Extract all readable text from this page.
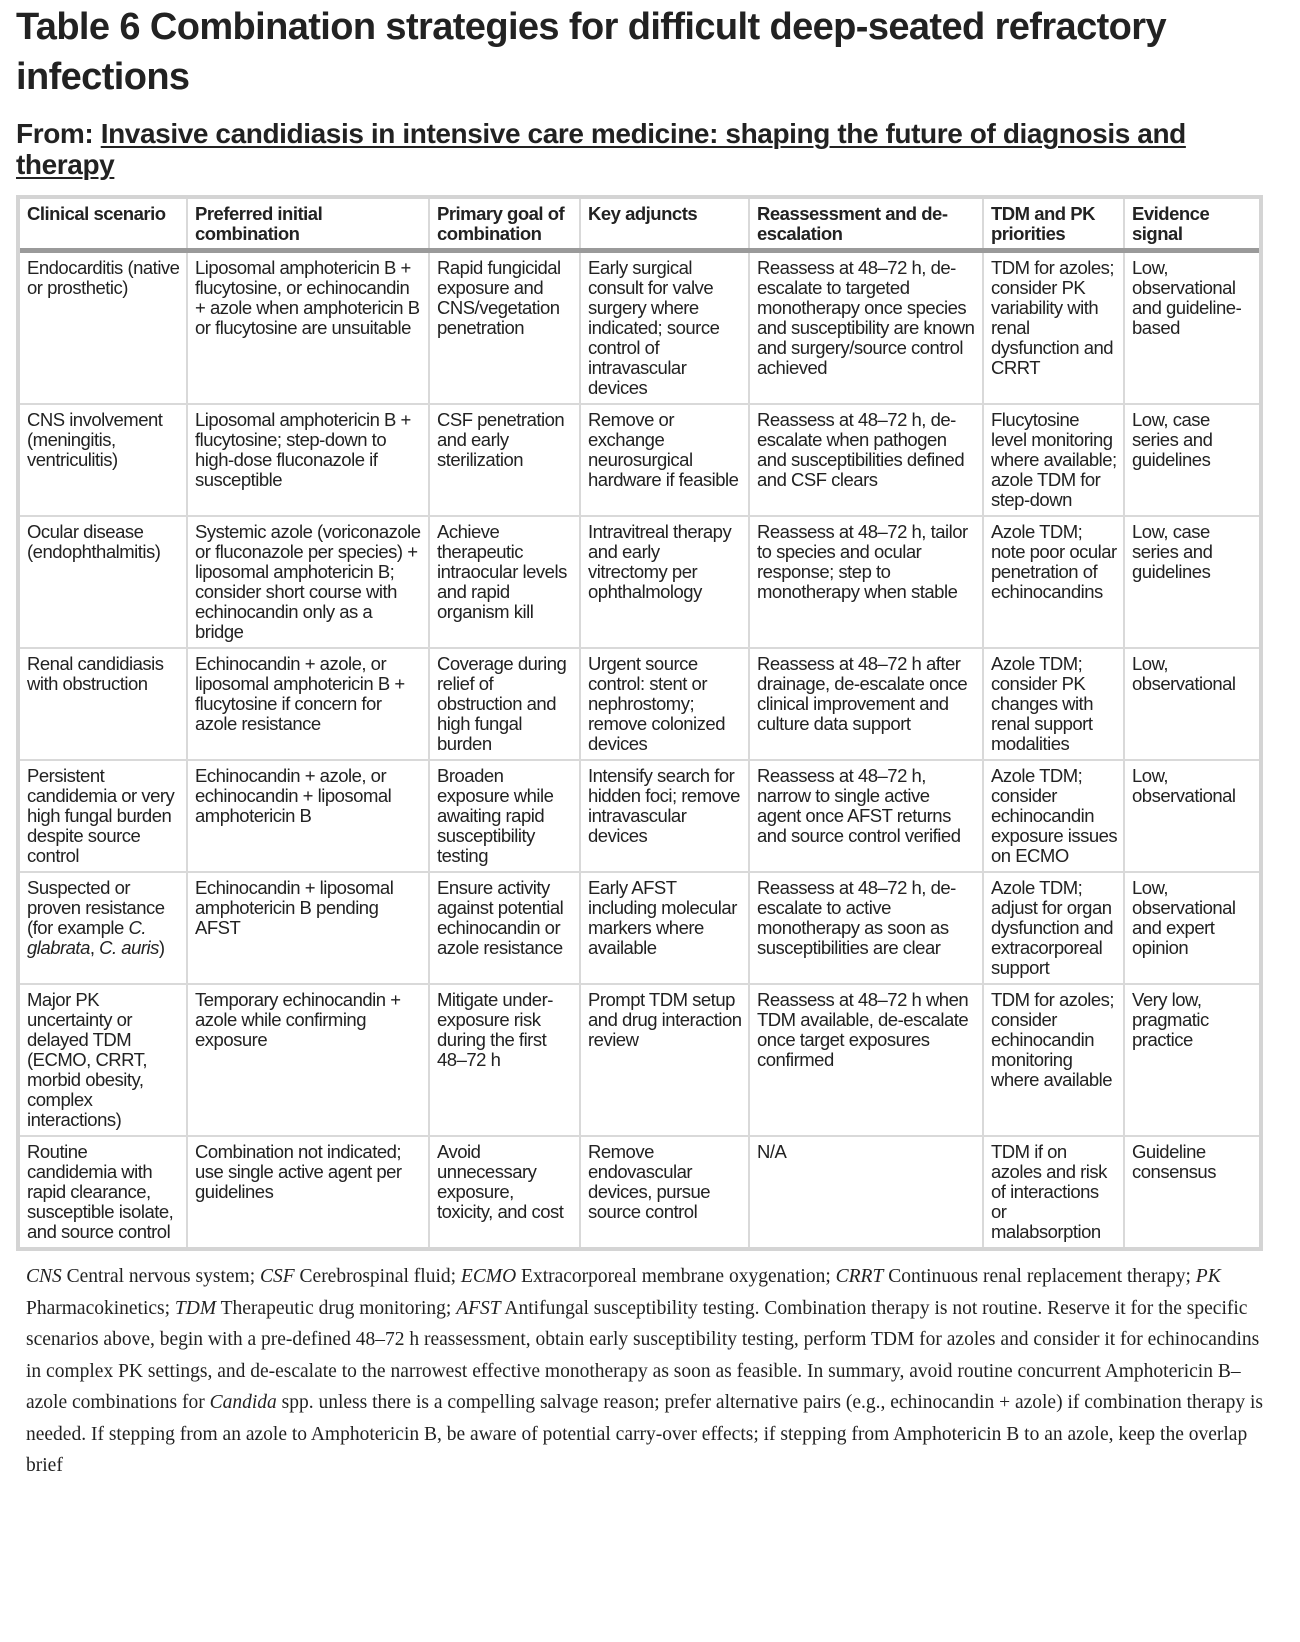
Table 6 Combination strategies for difficult deep-seated refractory infections
From: Invasive candidiasis in intensive care medicine: shaping the future of diagnosis and therapy
Clinical scenario	Preferred initial combination	Primary goal of combination	Key adjuncts	Reassessment and de-escalation	TDM and PK priorities	Evidence signal
Endocarditis (native or prosthetic)	Liposomal amphotericin B + flucytosine, or echinocandin + azole when amphotericin B or flucytosine are unsuitable	Rapid fungicidal exposure and CNS/vegetation penetration	Early surgical consult for valve surgery where indicated; source control of intravascular devices	Reassess at 48–72 h, de-escalate to targeted monotherapy once species and susceptibility are known and surgery/source control achieved	TDM for azoles; consider PK variability with renal dysfunction and CRRT	Low, observational and guideline-based
CNS involvement (meningitis, ventriculitis)	Liposomal amphotericin B + flucytosine; step-down to high-dose fluconazole if susceptible	CSF penetration and early sterilization	Remove or exchange neurosurgical hardware if feasible	Reassess at 48–72 h, de-escalate when pathogen and susceptibilities defined and CSF clears	Flucytosine level monitoring where available; azole TDM for step-down	Low, case series and guidelines
Ocular disease (endophthalmitis)	Systemic azole (voriconazole or fluconazole per species) + liposomal amphotericin B; consider short course with echinocandin only as a bridge	Achieve therapeutic intraocular levels and rapid organism kill	Intravitreal therapy and early vitrectomy per ophthalmology	Reassess at 48–72 h, tailor to species and ocular response; step to monotherapy when stable	Azole TDM; note poor ocular penetration of echinocandins	Low, case series and guidelines
Renal candidiasis with obstruction	Echinocandin + azole, or liposomal amphotericin B + flucytosine if concern for azole resistance	Coverage during relief of obstruction and high fungal burden	Urgent source control: stent or nephrostomy; remove colonized devices	Reassess at 48–72 h after drainage, de-escalate once clinical improvement and culture data support	Azole TDM; consider PK changes with renal support modalities	Low, observational
Persistent candidemia or very high fungal burden despite source control	Echinocandin + azole, or echinocandin + liposomal amphotericin B	Broaden exposure while awaiting rapid susceptibility testing	Intensify search for hidden foci; remove intravascular devices	Reassess at 48–72 h, narrow to single active agent once AFST returns and source control verified	Azole TDM; consider echinocandin exposure issues on ECMO	Low, observational
Suspected or proven resistance (for example C. glabrata, C. auris)	Echinocandin + liposomal amphotericin B pending AFST	Ensure activity against potential echinocandin or azole resistance	Early AFST including molecular markers where available	Reassess at 48–72 h, de-escalate to active monotherapy as soon as susceptibilities are clear	Azole TDM; adjust for organ dysfunction and extracorporeal support	Low, observational and expert opinion
Major PK uncertainty or delayed TDM (ECMO, CRRT, morbid obesity, complex interactions)	Temporary echinocandin + azole while confirming exposure	Mitigate under-exposure risk during the first 48–72 h	Prompt TDM setup and drug interaction review	Reassess at 48–72 h when TDM available, de-escalate once target exposures confirmed	TDM for azoles; consider echinocandin monitoring where available	Very low, pragmatic practice
Routine candidemia with rapid clearance, susceptible isolate, and source control	Combination not indicated; use single active agent per guidelines	Avoid unnecessary exposure, toxicity, and cost	Remove endovascular devices, pursue source control	N/A	TDM if on azoles and risk of interactions or malabsorption	Guideline consensus

CNS Central nervous system; CSF Cerebrospinal fluid; ECMO Extracorporeal membrane oxygenation; CRRT Continuous renal replacement therapy; PK Pharmacokinetics; TDM Therapeutic drug monitoring; AFST Antifungal susceptibility testing. Combination therapy is not routine. Reserve it for the specific scenarios above, begin with a pre-defined 48–72 h reassessment, obtain early susceptibility testing, perform TDM for azoles and consider it for echinocandins in complex PK settings, and de-escalate to the narrowest effective monotherapy as soon as feasible. In summary, avoid routine concurrent Amphotericin B–azole combinations for Candida spp. unless there is a compelling salvage reason; prefer alternative pairs (e.g., echinocandin + azole) if combination therapy is needed. If stepping from an azole to Amphotericin B, be aware of potential carry-over effects; if stepping from Amphotericin B to an azole, keep the overlap brief
